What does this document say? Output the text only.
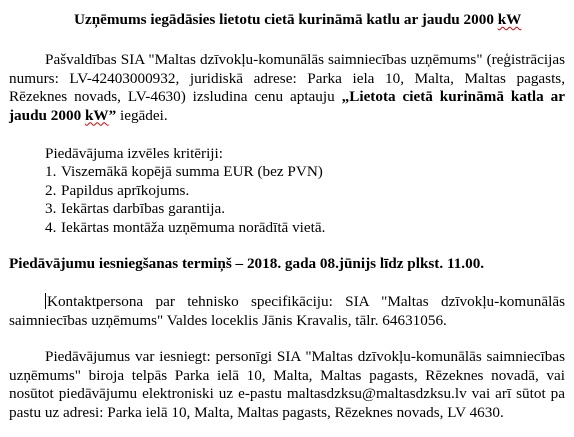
Uzņēmums iegādāsies lietotu cietā kurināmā katlu ar jaudu 2000 kW

Pašvaldības SIA "Maltas dzīvokļu-komunālās saimniecības uzņēmums" (reģistrācijas numurs: LV-42403000932, juridiskā adrese: Parka iela 10, Malta, Maltas pagasts, Rēzeknes novads, LV-4630) izsludina cenu aptauju „Lietota cietā kurināmā katla ar jaudu 2000 kW” iegādei.

Piedāvājuma izvēles kritēriji:
1. Viszemākā kopējā summa EUR (bez PVN)
2. Papildus aprīkojums.
3. Iekārtas darbības garantija.
4. Iekārtas montāža uzņēmuma norādītā vietā.
Piedāvājumu iesniegšanas termiņš – 2018. gada 08.jūnijs līdz plkst. 11.00.

Kontaktpersona par tehnisko specifikāciju: SIA "Maltas dzīvokļu-komunālās saimniecības uzņēmums" Valdes loceklis Jānis Kravalis, tālr. 64631056.

Piedāvājumus var iesniegt: personīgi SIA "Maltas dzīvokļu-komunālās saimniecības uzņēmums" biroja telpās Parka ielā 10, Malta, Maltas pagasts, Rēzeknes novadā, vai nosūtot piedāvājumu elektroniski uz e-pastu maltasdzksu@maltasdzksu.lv vai arī sūtot pa pastu uz adresi: Parka ielā 10, Malta, Maltas pagasts, Rēzeknes novads, LV 4630.
